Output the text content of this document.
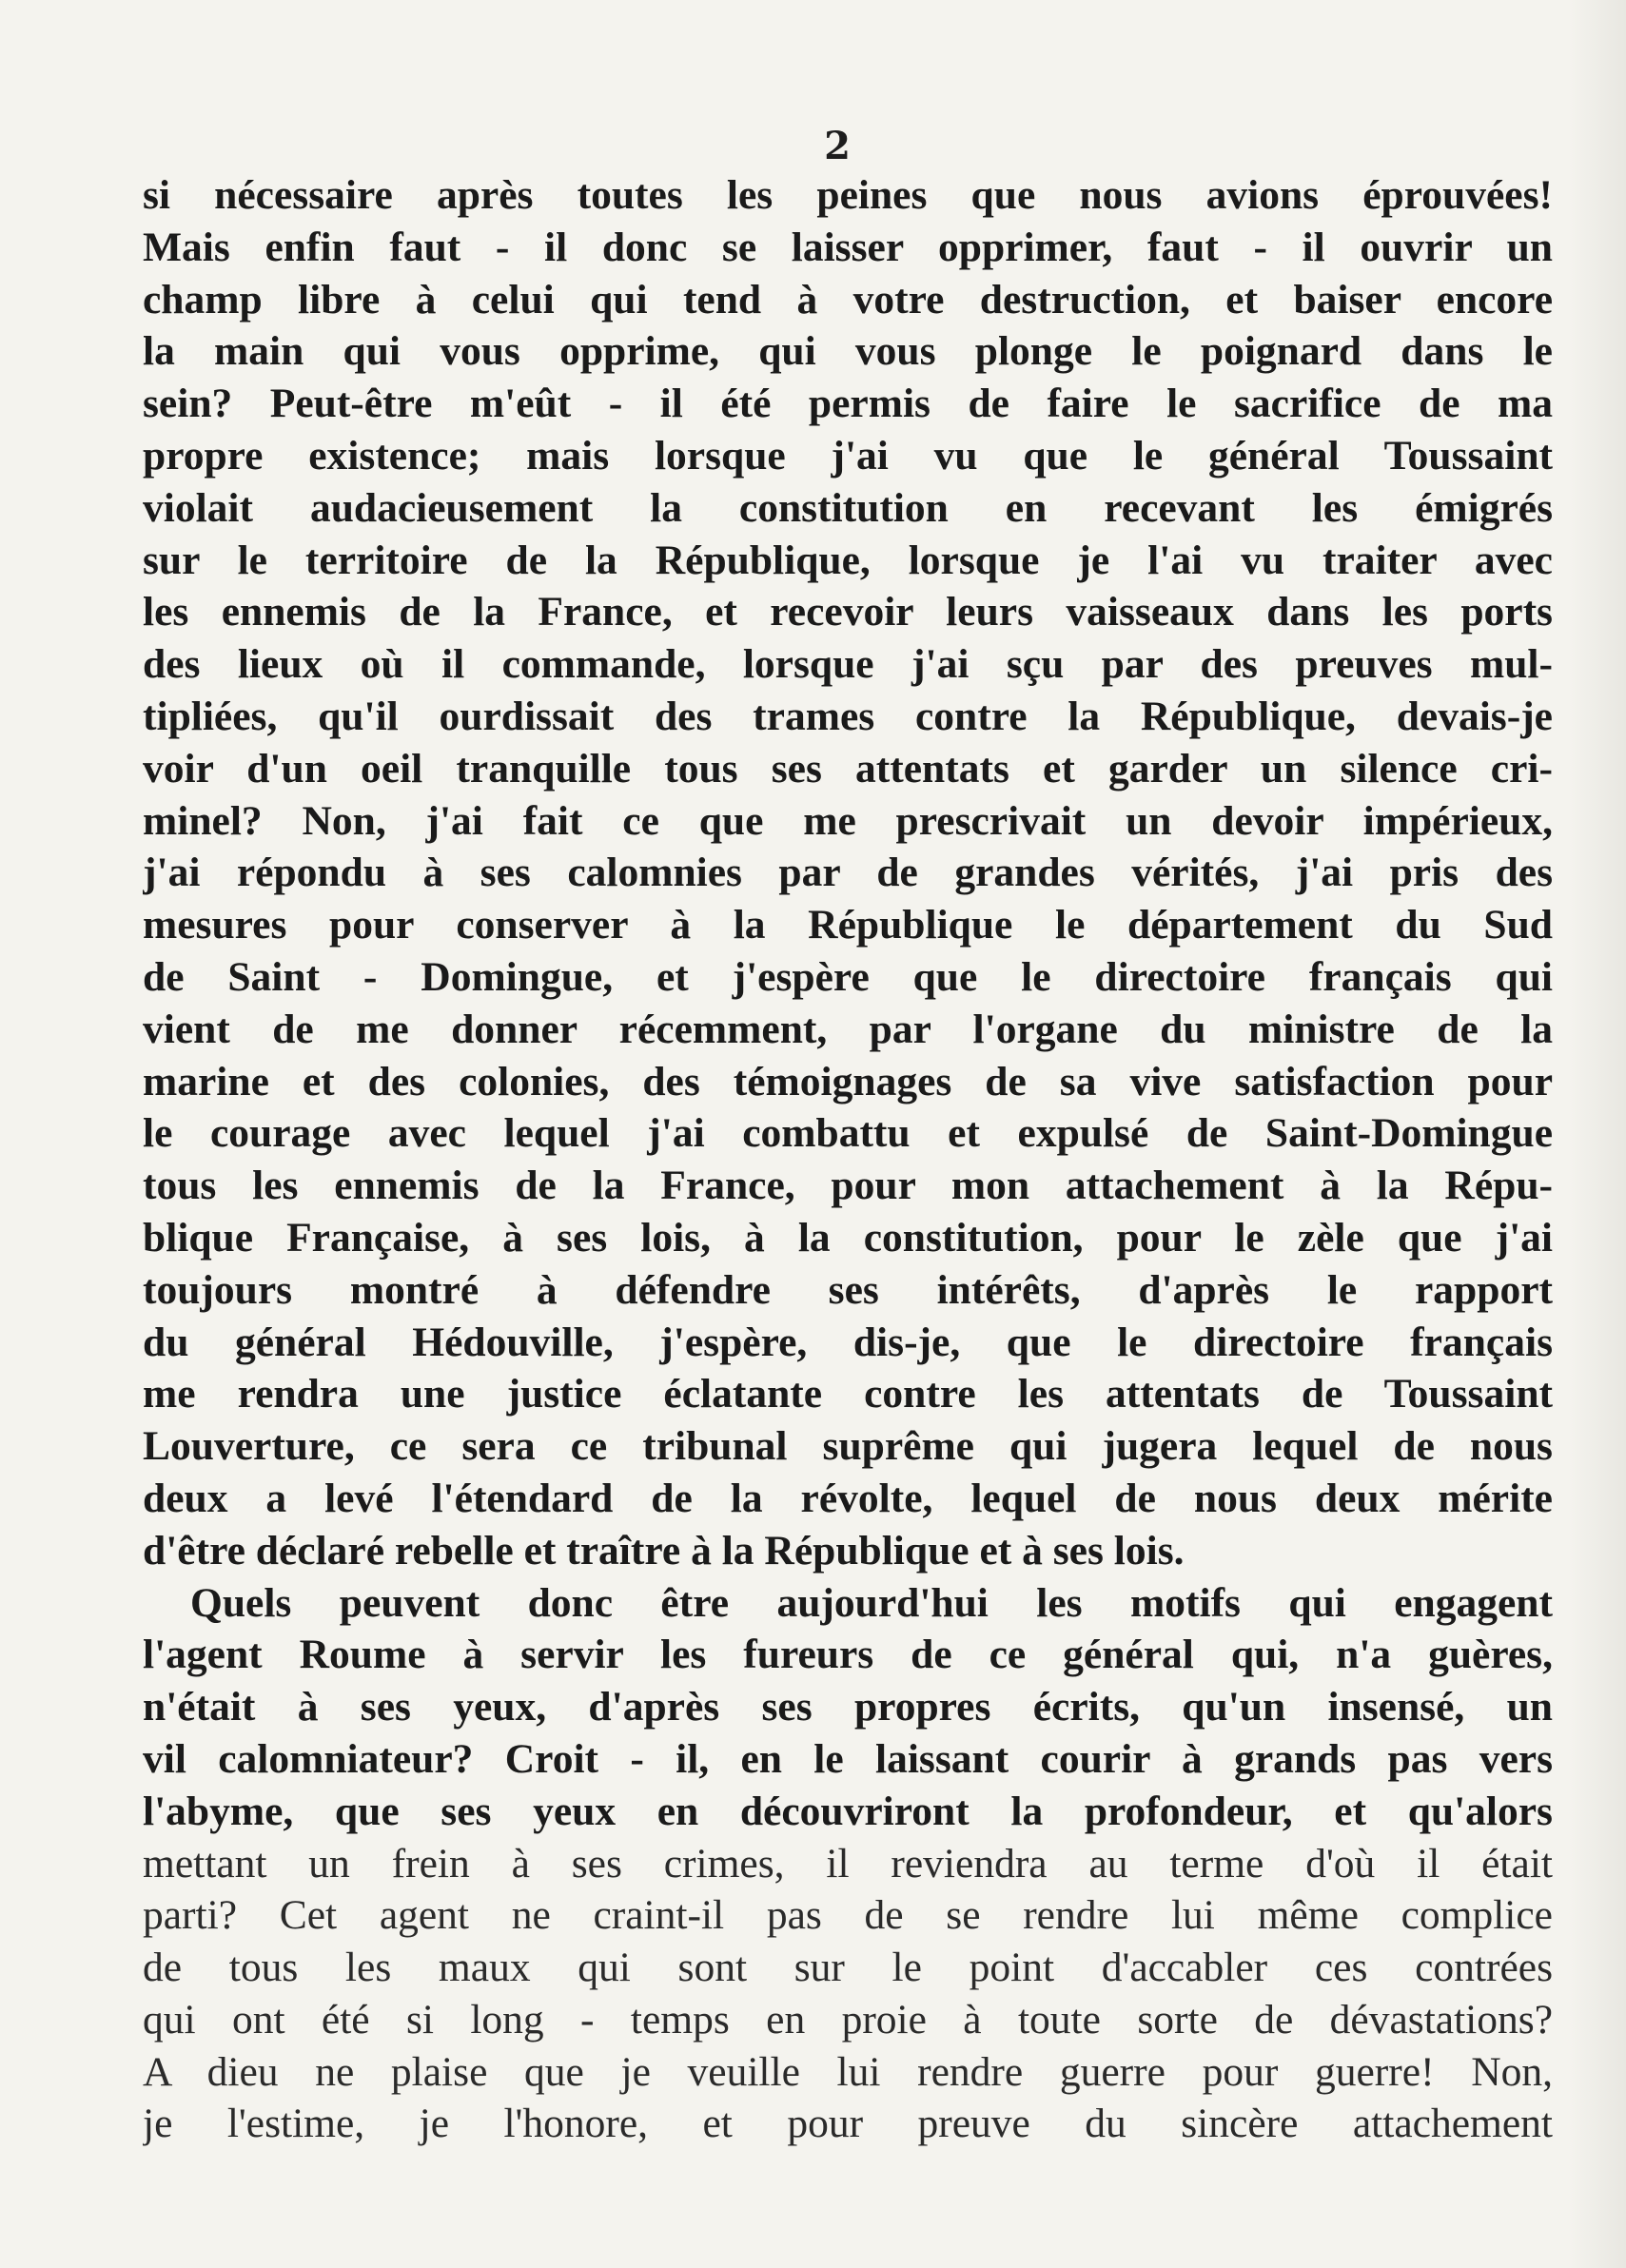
2
si nécessaire après toutes les peines que nous avions éprouvées!
Mais enfin faut - il donc se laisser opprimer, faut - il ouvrir un
champ libre à celui qui tend à votre destruction, et baiser encore
la main qui vous opprime, qui vous plonge le poignard dans le
sein? Peut-être m'eût - il été permis de faire le sacrifice de ma
propre existence; mais lorsque j'ai vu que le général Toussaint
violait audacieusement la constitution en recevant les émigrés
sur le territoire de la République, lorsque je l'ai vu traiter avec
les ennemis de la France, et recevoir leurs vaisseaux dans les ports
des lieux où il commande, lorsque j'ai sçu par des preuves mul-
tipliées, qu'il ourdissait des trames contre la République, devais-je
voir d'un oeil tranquille tous ses attentats et garder un silence cri-
minel? Non, j'ai fait ce que me prescrivait un devoir impérieux,
j'ai répondu à ses calomnies par de grandes vérités, j'ai pris des
mesures pour conserver à la République le département du Sud
de Saint - Domingue, et j'espère que le directoire français qui
vient de me donner récemment, par l'organe du ministre de la
marine et des colonies, des témoignages de sa vive satisfaction pour
le courage avec lequel j'ai combattu et expulsé de Saint-Domingue
tous les ennemis de la France, pour mon attachement à la Répu-
blique Française, à ses lois, à la constitution, pour le zèle que j'ai
toujours montré à défendre ses intérêts, d'après le rapport
du général Hédouville, j'espère, dis-je, que le directoire français
me rendra une justice éclatante contre les attentats de Toussaint
Louverture, ce sera ce tribunal suprême qui jugera lequel de nous
deux a levé l'étendard de la révolte, lequel de nous deux mérite
d'être déclaré rebelle et traître à la République et à ses lois.
Quels peuvent donc être aujourd'hui les motifs qui engagent
l'agent Roume à servir les fureurs de ce général qui, n'a guères,
n'était à ses yeux, d'après ses propres écrits, qu'un insensé, un
vil calomniateur? Croit - il, en le laissant courir à grands pas vers
l'abyme, que ses yeux en découvriront la profondeur, et qu'alors
mettant un frein à ses crimes, il reviendra au terme d'où il était
parti? Cet agent ne craint-il pas de se rendre lui même complice
de tous les maux qui sont sur le point d'accabler ces contrées
qui ont été si long - temps en proie à toute sorte de dévastations?
A dieu ne plaise que je veuille lui rendre guerre pour guerre! Non,
je l'estime, je l'honore, et pour preuve du sincère attachement
